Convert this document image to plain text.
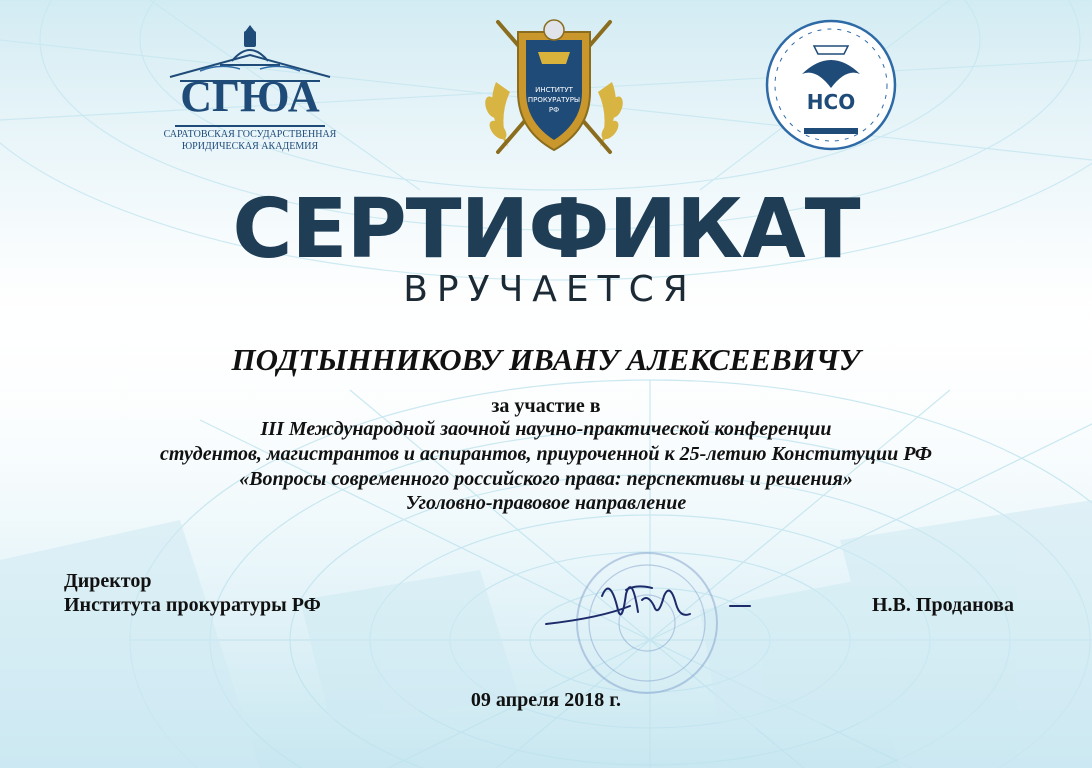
СГЮА
САРАТОВСКАЯ ГОСУДАРСТВЕННАЯ
ЮРИДИЧЕСКАЯ АКАДЕМИЯ
ИНСТИТУТ
ПРОКУРАТУРЫ
РФ	НСО
СЕРТИФИКАТ
ВРУЧАЕТСЯ
ПОДТЫННИКОВУ ИВАНУ АЛЕКСЕЕВИЧУ
за участие в
III Международной заочной научно-практической конференции
студентов, магистрантов и аспирантов, приуроченной к 25-летию Конституции РФ
«Вопросы современного российского права: перспективы и решения»
Уголовно-правовое направление
Директор
Института прокуратуры РФ	Н.В. Проданова
09 апреля 2018 г.
